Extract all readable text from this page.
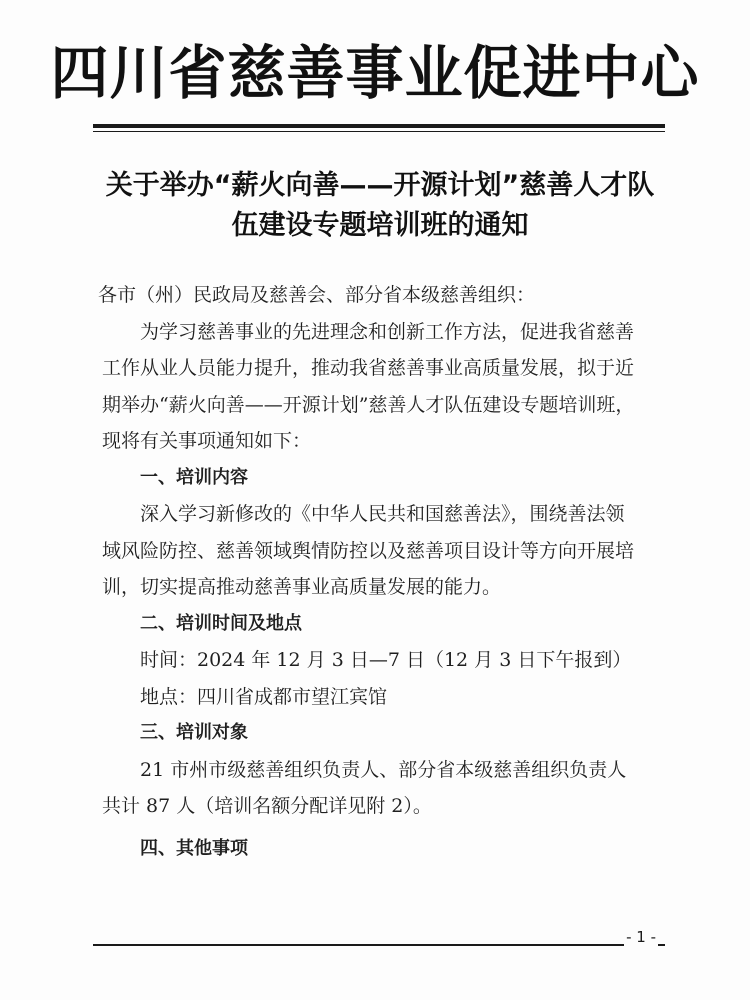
四川省慈善事业促进中心
关于举办“薪火向善——开源计划”慈善人才队
伍建设专题培训班的通知
各市（州）民政局及慈善会、部分省本级慈善组织：
为学习慈善事业的先进理念和创新工作方法，促进我省慈善
工作从业人员能力提升，推动我省慈善事业高质量发展，拟于近
期举办“薪火向善——开源计划”慈善人才队伍建设专题培训班，
现将有关事项通知如下：
一、培训内容
深入学习新修改的《中华人民共和国慈善法》，围绕善法领
域风险防控、慈善领域舆情防控以及慈善项目设计等方向开展培
训，切实提高推动慈善事业高质量发展的能力。
二、培训时间及地点
时间：2024 年 12 月 3 日—7 日（12 月 3 日下午报到）
地点：四川省成都市望江宾馆
三、培训对象
21 市州市级慈善组织负责人、部分省本级慈善组织负责人
共计 87 人（培训名额分配详见附 2）。
四、其他事项
- 1 -
